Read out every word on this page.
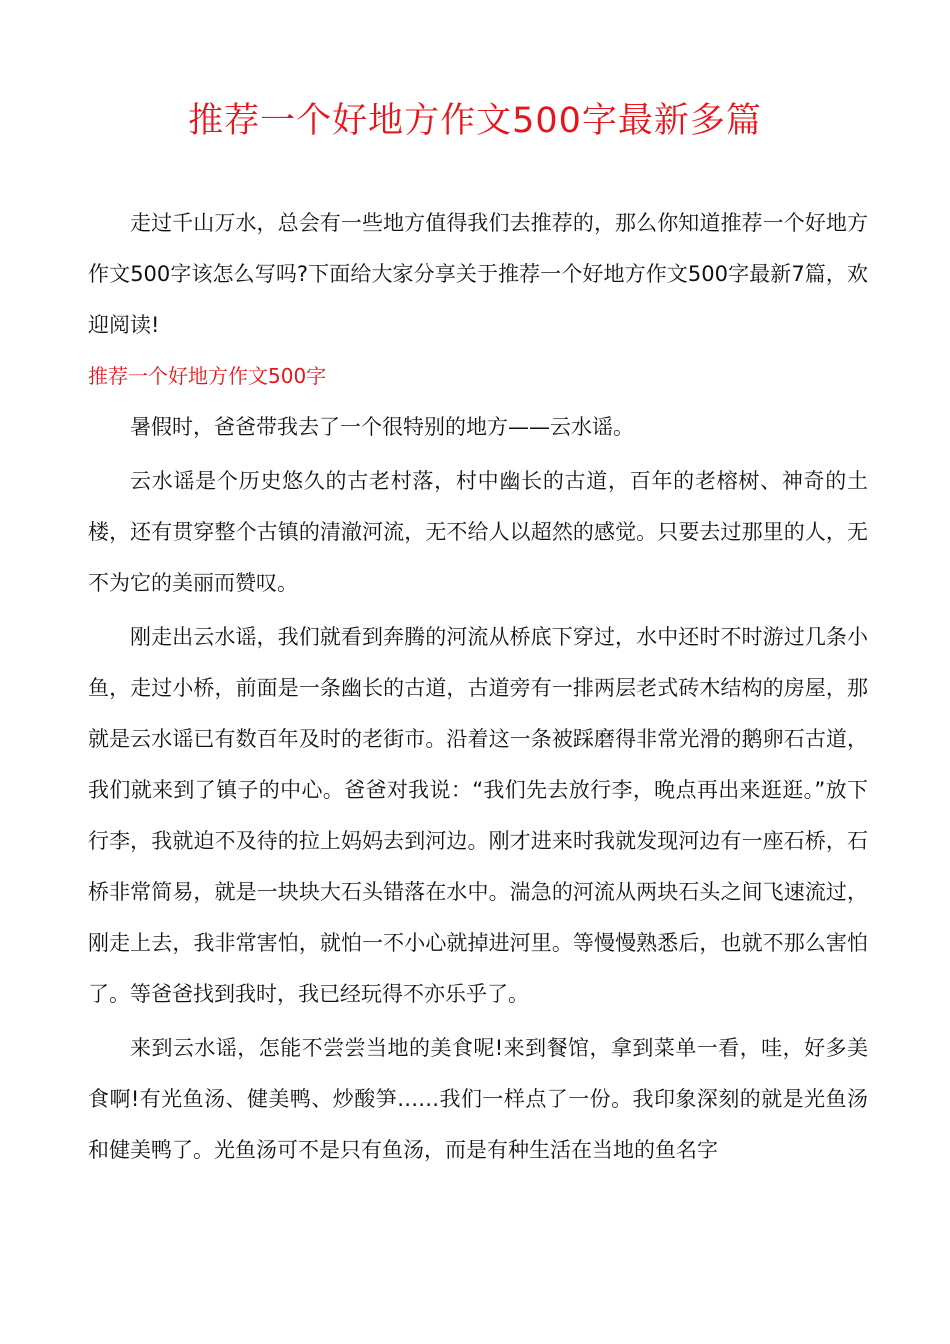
推荐一个好地方作文500字最新多篇

走过千山万水，总会有一些地方值得我们去推荐的，那么你知道推荐一个好地方作文500字该怎么写吗?下面给大家分享关于推荐一个好地方作文500字最新7篇，欢迎阅读!

推荐一个好地方作文500字

暑假时，爸爸带我去了一个很特别的地方——云水谣。

云水谣是个历史悠久的古老村落，村中幽长的古道，百年的老榕树、神奇的土楼，还有贯穿整个古镇的清澈河流，无不给人以超然的感觉。只要去过那里的人，无不为它的美丽而赞叹。

刚走出云水谣，我们就看到奔腾的河流从桥底下穿过，水中还时不时游过几条小鱼，走过小桥，前面是一条幽长的古道，古道旁有一排两层老式砖木结构的房屋，那就是云水谣已有数百年及时的老街市。沿着这一条被踩磨得非常光滑的鹅卵石古道，我们就来到了镇子的中心。爸爸对我说：“我们先去放行李，晚点再出来逛逛。”放下行李，我就迫不及待的拉上妈妈去到河边。刚才进来时我就发现河边有一座石桥，石桥非常简易，就是一块块大石头错落在水中。湍急的河流从两块石头之间飞速流过，刚走上去，我非常害怕，就怕一不小心就掉进河里。等慢慢熟悉后，也就不那么害怕了。等爸爸找到我时，我已经玩得不亦乐乎了。

来到云水谣，怎能不尝尝当地的美食呢!来到餐馆，拿到菜单一看，哇，好多美食啊!有光鱼汤、健美鸭、炒酸笋……我们一样点了一份。我印象深刻的就是光鱼汤和健美鸭了。光鱼汤可不是只有鱼汤，而是有种生活在当地的鱼名字
